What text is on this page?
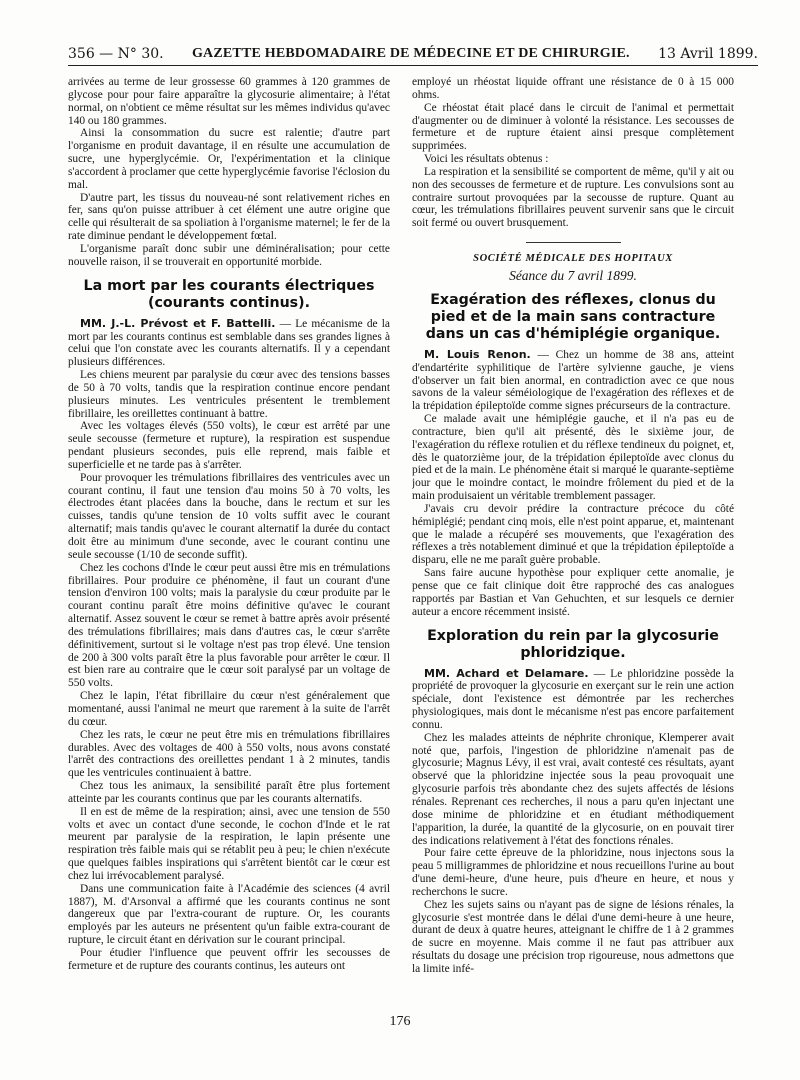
356 — N° 30. GAZETTE HEBDOMADAIRE DE MÉDECINE ET DE CHIRURGIE. 13 Avril 1899.

arrivées au terme de leur grossesse 60 grammes à 120 grammes de glycose pour pour faire apparaître la glycosurie alimentaire; à l'état normal, on n'obtient ce même résultat sur les mêmes individus qu'avec 140 ou 180 grammes.

Ainsi la consommation du sucre est ralentie; d'autre part l'organisme en produit davantage, il en résulte une accumulation de sucre, une hyperglycémie. Or, l'expérimentation et la clinique s'accordent à proclamer que cette hyperglycémie favorise l'éclosion du mal.

D'autre part, les tissus du nouveau-né sont relativement riches en fer, sans qu'on puisse attribuer à cet élément une autre origine que celle qui résulterait de sa spoliation à l'organisme maternel; le fer de la rate diminue pendant le développement fœtal.

L'organisme paraît donc subir une déminéralisation; pour cette nouvelle raison, il se trouverait en opportunité morbide.

La mort par les courants électriques (courants continus).

MM. J.-L. Prévost et F. Battelli. — Le mécanisme de la mort par les courants continus est semblable dans ses grandes lignes à celui que l'on constate avec les courants alternatifs. Il y a cependant plusieurs différences.

Les chiens meurent par paralysie du cœur avec des tensions basses de 50 à 70 volts, tandis que la respiration continue encore pendant plusieurs minutes. Les ventricules présentent le tremblement fibrillaire, les oreillettes continuant à battre.

Avec les voltages élevés (550 volts), le cœur est arrêté par une seule secousse (fermeture et rupture), la respiration est suspendue pendant plusieurs secondes, puis elle reprend, mais faible et superficielle et ne tarde pas à s'arrêter.

Pour provoquer les trémulations fibrillaires des ventricules avec un courant continu, il faut une tension d'au moins 50 à 70 volts, les électrodes étant placées dans la bouche, dans le rectum et sur les cuisses, tandis qu'une tension de 10 volts suffit avec le courant alternatif; mais tandis qu'avec le courant alternatif la durée du contact doit être au minimum d'une seconde, avec le courant continu une seule secousse (1/10 de seconde suffit).

Chez les cochons d'Inde le cœur peut aussi être mis en trémulations fibrillaires. Pour produire ce phénomène, il faut un courant d'une tension d'environ 100 volts; mais la paralysie du cœur produite par le courant continu paraît être moins définitive qu'avec le courant alternatif. Assez souvent le cœur se remet à battre après avoir présenté des trémulations fibrillaires; mais dans d'autres cas, le cœur s'arrête définitivement, surtout si le voltage n'est pas trop élevé. Une tension de 200 à 300 volts paraît être la plus favorable pour arrêter le cœur. Il est bien rare au contraire que le cœur soit paralysé par un voltage de 550 volts.

Chez le lapin, l'état fibrillaire du cœur n'est généralement que momentané, aussi l'animal ne meurt que rarement à la suite de l'arrêt du cœur.

Chez les rats, le cœur ne peut être mis en trémulations fibrillaires durables. Avec des voltages de 400 à 550 volts, nous avons constaté l'arrêt des contractions des oreillettes pendant 1 à 2 minutes, tandis que les ventricules continuaient à battre.

Chez tous les animaux, la sensibilité paraît être plus fortement atteinte par les courants continus que par les courants alternatifs.

Il en est de même de la respiration; ainsi, avec une tension de 550 volts et avec un contact d'une seconde, le cochon d'Inde et le rat meurent par paralysie de la respiration, le lapin présente une respiration très faible mais qui se rétablit peu à peu; le chien n'exécute que quelques faibles inspirations qui s'arrêtent bientôt car le cœur est chez lui irrévocablement paralysé.

Dans une communication faite à l'Académie des sciences (4 avril 1887), M. d'Arsonval a affirmé que les courants continus ne sont dangereux que par l'extra-courant de rupture. Or, les courants employés par les auteurs ne présentent qu'un faible extra-courant de rupture, le circuit étant en dérivation sur le courant principal.

Pour étudier l'influence que peuvent offrir les secousses de fermeture et de rupture des courants continus, les auteurs ont

employé un rhéostat liquide offrant une résistance de 0 à 15 000 ohms.

Ce rhéostat était placé dans le circuit de l'animal et permettait d'augmenter ou de diminuer à volonté la résistance. Les secousses de fermeture et de rupture étaient ainsi presque complètement supprimées.

Voici les résultats obtenus :

La respiration et la sensibilité se comportent de même, qu'il y ait ou non des secousses de fermeture et de rupture. Les convulsions sont au contraire surtout provoquées par la secousse de rupture. Quant au cœur, les trémulations fibrillaires peuvent survenir sans que le circuit soit fermé ou ouvert brusquement.

SOCIÉTÉ MÉDICALE DES HOPITAUX
Séance du 7 avril 1899.
Exagération des réflexes, clonus du pied et de la main sans contracture dans un cas d'hémiplégie organique.

M. Louis Renon. — Chez un homme de 38 ans, atteint d'endartérite syphilitique de l'artère sylvienne gauche, je viens d'observer un fait bien anormal, en contradiction avec ce que nous savons de la valeur séméiologique de l'exagération des réflexes et de la trépidation épileptoïde comme signes précurseurs de la contracture.

Ce malade avait une hémiplégie gauche, et il n'a pas eu de contracture, bien qu'il ait présenté, dès le sixième jour, de l'exagération du réflexe rotulien et du réflexe tendineux du poignet, et, dès le quatorzième jour, de la trépidation épileptoïde avec clonus du pied et de la main. Le phénomène était si marqué le quarante-septième jour que le moindre contact, le moindre frôlement du pied et de la main produisaient un véritable tremblement passager.

J'avais cru devoir prédire la contracture précoce du côté hémiplégié; pendant cinq mois, elle n'est point apparue, et, maintenant que le malade a récupéré ses mouvements, que l'exagération des réflexes a très notablement diminué et que la trépidation épileptoïde a disparu, elle ne me paraît guère probable.

Sans faire aucune hypothèse pour expliquer cette anomalie, je pense que ce fait clinique doit être rapproché des cas analogues rapportés par Bastian et Van Gehuchten, et sur lesquels ce dernier auteur a encore récemment insisté.

Exploration du rein par la glycosurie phloridzique.

MM. Achard et Delamare. — Le phloridzine possède la propriété de provoquer la glycosurie en exerçant sur le rein une action spéciale, dont l'existence est démontrée par les recherches physiologiques, mais dont le mécanisme n'est pas encore parfaitement connu.

Chez les malades atteints de néphrite chronique, Klemperer avait noté que, parfois, l'ingestion de phloridzine n'amenait pas de glycosurie; Magnus Lévy, il est vrai, avait contesté ces résultats, ayant observé que la phloridzine injectée sous la peau provoquait une glycosurie parfois très abondante chez des sujets affectés de lésions rénales. Reprenant ces recherches, il nous a paru qu'en injectant une dose minime de phloridzine et en étudiant méthodiquement l'apparition, la durée, la quantité de la glycosurie, on en pouvait tirer des indications relativement à l'état des fonctions rénales.

Pour faire cette épreuve de la phloridzine, nous injectons sous la peau 5 milligrammes de phloridzine et nous recueillons l'urine au bout d'une demi-heure, d'une heure, puis d'heure en heure, et nous y recherchons le sucre.

Chez les sujets sains ou n'ayant pas de signe de lésions rénales, la glycosurie s'est montrée dans le délai d'une demi-heure à une heure, durant de deux à quatre heures, atteignant le chiffre de 1 à 2 grammes de sucre en moyenne. Mais comme il ne faut pas attribuer aux résultats du dosage une précision trop rigoureuse, nous admettons que la limite infé-

176
